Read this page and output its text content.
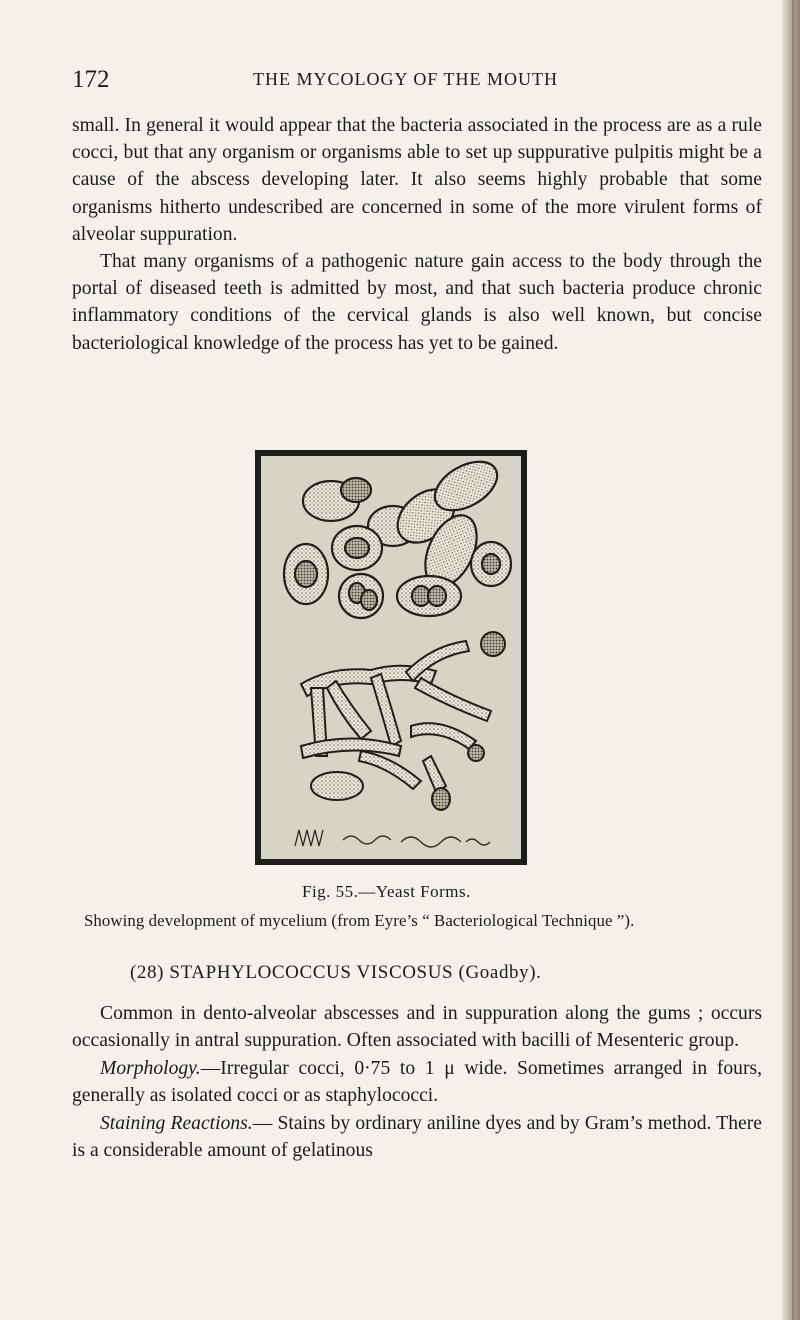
172	THE MYCOLOGY OF THE MOUTH

small. In general it would appear that the bacteria associated in the process are as a rule cocci, but that any organism or organisms able to set up suppurative pulpitis might be a cause of the abscess developing later. It also seems highly probable that some organisms hitherto undescribed are concerned in some of the more virulent forms of alveolar suppuration.

That many organisms of a pathogenic nature gain access to the body through the portal of diseased teeth is admitted by most, and that such bacteria produce chronic inflammatory conditions of the cervical glands is also well known, but concise bacteriological knowledge of the process has yet to be gained.

Fig. 55.—Yeast Forms.
Showing development of mycelium (from Eyre’s “ Bacteriological Technique ”).
(28) STAPHYLOCOCCUS VISCOSUS (Goadby).

Common in dento-alveolar abscesses and in suppuration along the gums ; occurs occasionally in antral suppuration. Often associated with bacilli of Mesenteric group.

Morphology.—Irregular cocci, 0·75 to 1 μ wide. Sometimes arranged in fours, generally as isolated cocci or as staphylococci.

Staining Reactions.— Stains by ordinary aniline dyes and by Gram’s method. There is a considerable amount of gelatinous
